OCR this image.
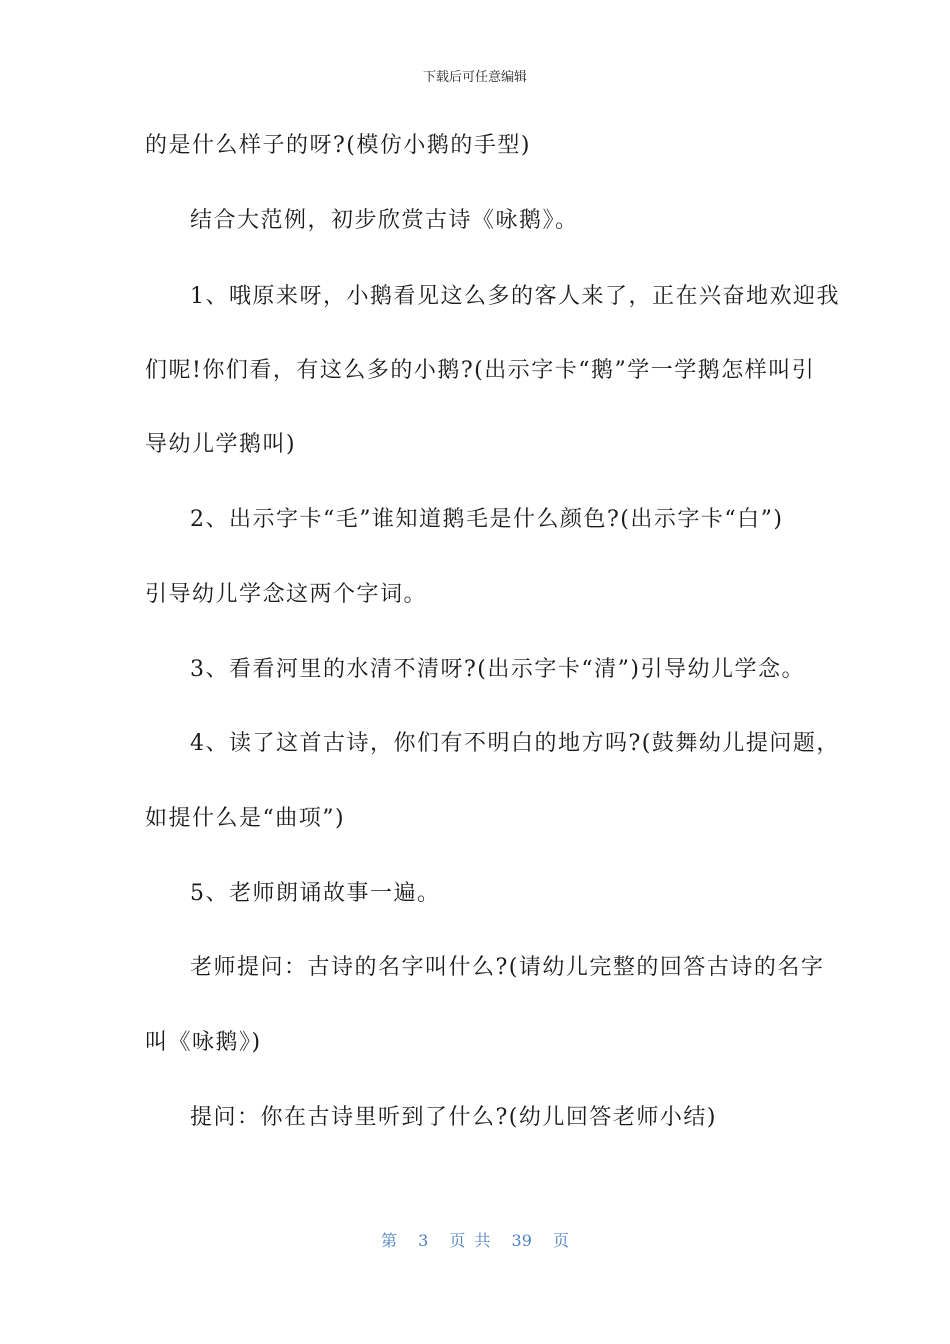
下载后可任意编辑
的是什么样子的呀?(模仿小鹅的手型)
结合大范例，初步欣赏古诗《咏鹅》。
1、哦原来呀，小鹅看见这么多的客人来了，正在兴奋地欢迎我
们呢!你们看，有这么多的小鹅?(出示字卡“鹅”学一学鹅怎样叫引
导幼儿学鹅叫)
2、出示字卡“毛”谁知道鹅毛是什么颜色?(出示字卡“白”)
引导幼儿学念这两个字词。
3、看看河里的水清不清呀?(出示字卡“清”)引导幼儿学念。
4、读了这首古诗，你们有不明白的地方吗?(鼓舞幼儿提问题，
如提什么是“曲项”)
5、老师朗诵故事一遍。
老师提问：古诗的名字叫什么?(请幼儿完整的回答古诗的名字
叫《咏鹅》)
提问：你在古诗里听到了什么?(幼儿回答老师小结)
第 3 页 共 39 页
